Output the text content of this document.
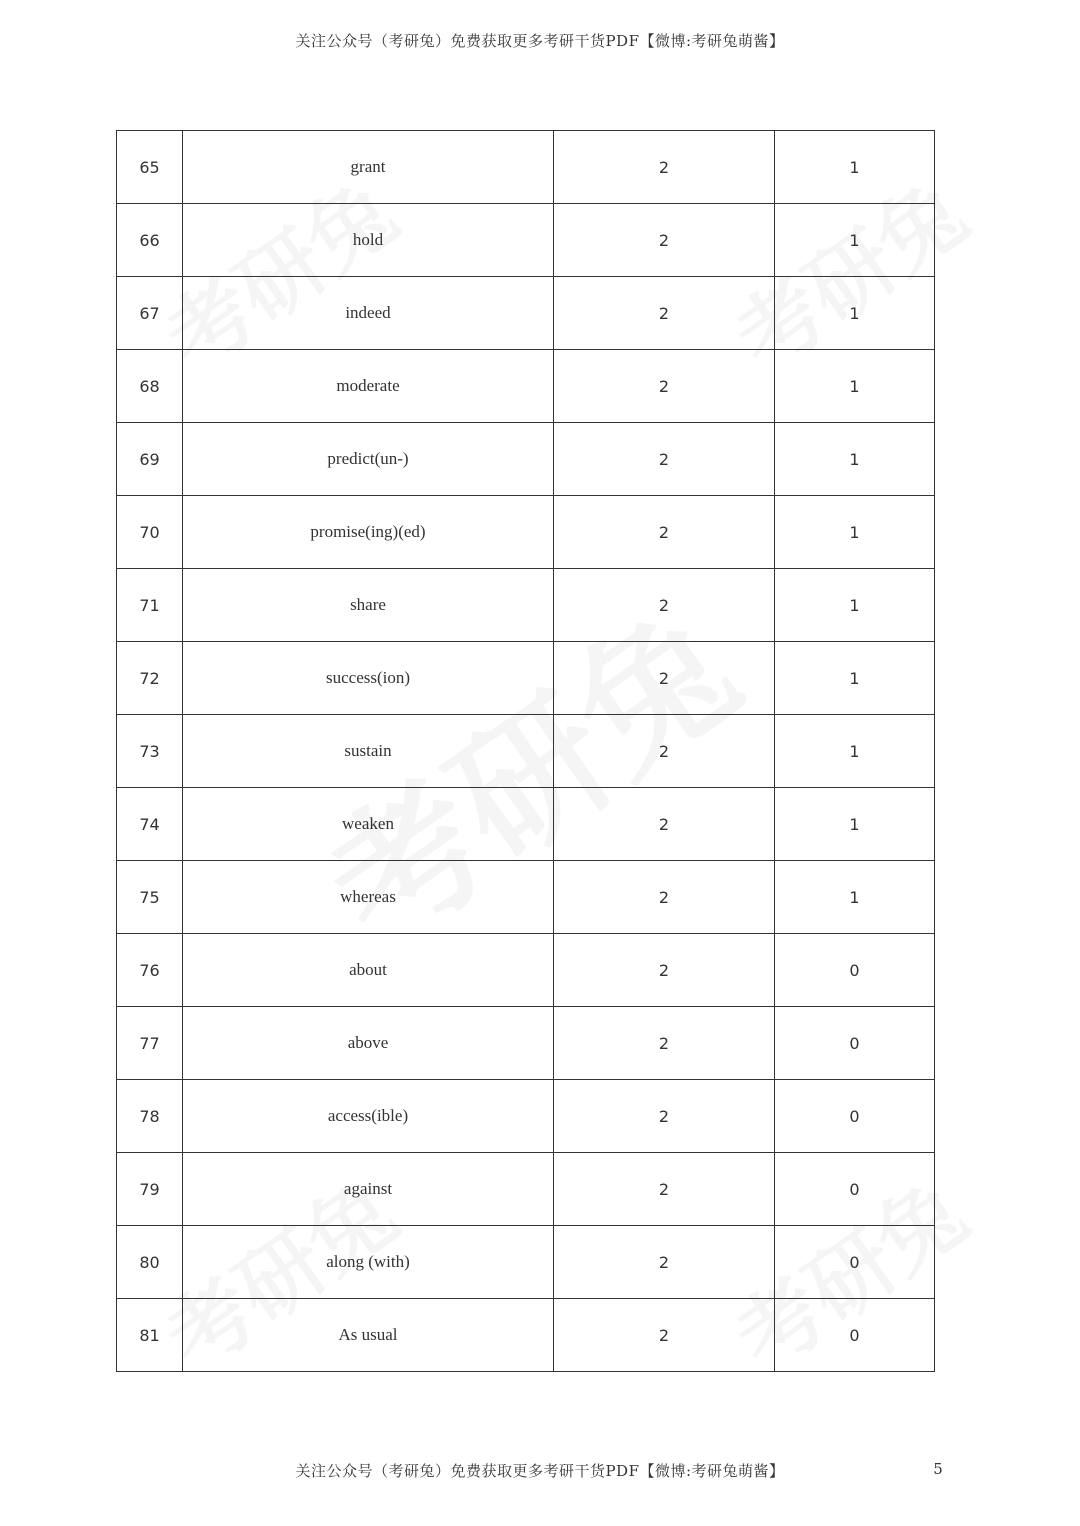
关注公众号（考研兔）免费获取更多考研干货PDF【微博:考研兔萌酱】
65	grant	2	1
66	hold	2	1
67	indeed	2	1
68	moderate	2	1
69	predict(un-)	2	1
70	promise(ing)(ed)	2	1
71	share	2	1
72	success(ion)	2	1
73	sustain	2	1
74	weaken	2	1
75	whereas	2	1
76	about	2	0
77	above	2	0
78	access(ible)	2	0
79	against	2	0
80	along (with)	2	0
81	As usual	2	0
关注公众号（考研兔）免费获取更多考研干货PDF【微博:考研兔萌酱】	5
